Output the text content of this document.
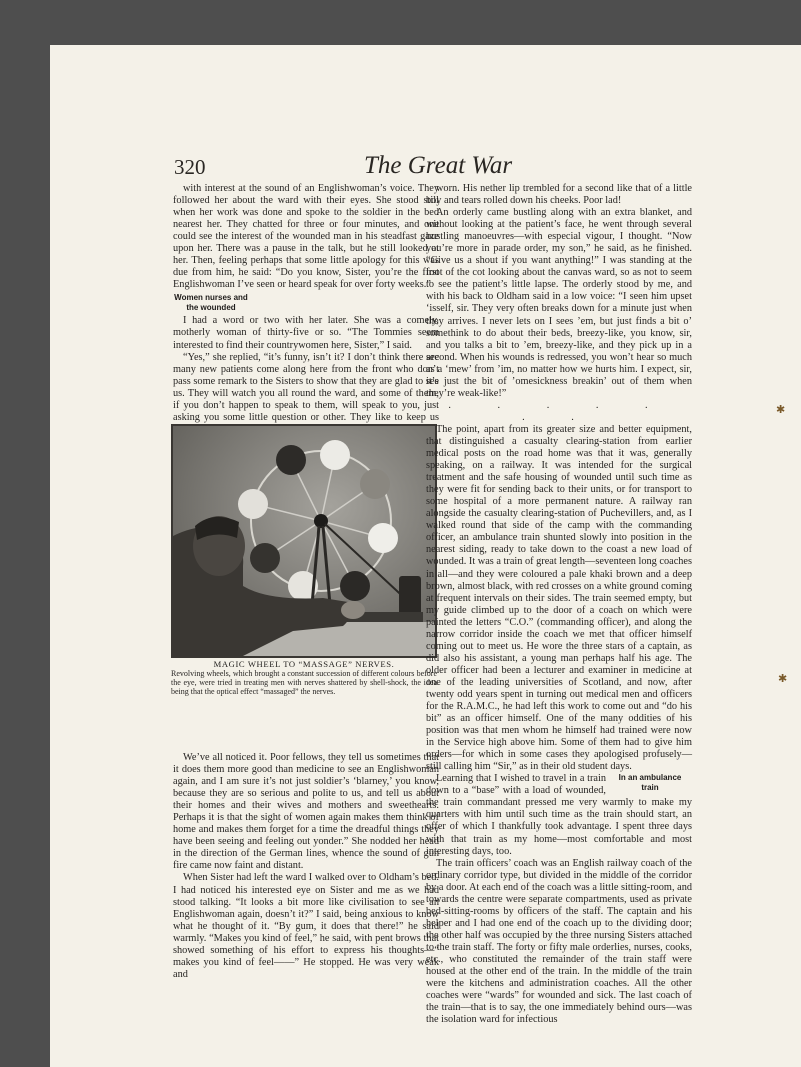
320	The Great War

with interest at the sound of an Englishwoman’s voice. They followed her about the ward with their eyes. She stood still when her work was done and spoke to the soldier in the bed nearest her. They chatted for three or four minutes, and one could see the interest of the wounded man in his steadfast gaze upon her. There was a pause in the talk, but he still looked at her. Then, feeling perhaps that some little apology for this was due from him, he said: “Do you know, Sister, you’re the first Englishwoman I’ve seen or heard speak for over forty weeks.”

Women nurses and the wounded

I had a word or two with her later. She was a comely, motherly woman of thirty-five or so. “The Tommies seem interested to find their countrywomen here, Sister,” I said.

“Yes,” she replied, “it’s funny, isn’t it? I don’t think there are many new patients come along here from the front who don’t pass some remark to the Sisters to show that they are glad to see us. They will watch you all round the ward, and some of them, if you don’t happen to speak to them, will speak to you, just asking you some little question or other. They like to keep us

MAGIC WHEEL TO “MASSAGE” NERVES.
Revolving wheels, which brought a constant succession of different colours before the eye, were tried in treating men with nerves shattered by shell-shock, the idea being that the optical effect “massaged” the nerves.

We’ve all noticed it. Poor fellows, they tell us sometimes that it does them more good than medicine to see an Englishwoman again, and I am sure it’s not just soldier’s ‘blarney,’ you know, because they are so serious and polite to us, and tell us about their homes and their wives and mothers and sweethearts. Perhaps it is that the sight of women again makes them think of home and makes them forget for a time the dreadful things they have been seeing and feeling out yonder.” She nodded her head in the direction of the German lines, whence the sound of gun fire came now faint and distant.

When Sister had left the ward I walked over to Oldham’s bed. I had noticed his interested eye on Sister and me as we had stood talking. “It looks a bit more like civilisation to see an Englishwoman again, doesn’t it?” I said, being anxious to know what he thought of it. “By gum, it does that there!” he said warmly. “Makes you kind of feel,” he said, with pent brows that showed something of his effort to express his thoughts—“ makes you kind of feel——” He stopped. He was very weak and

worn. His nether lip trembled for a second like that of a little boy and tears rolled down his cheeks. Poor lad!

An orderly came bustling along with an extra blanket, and without looking at the patient’s face, he went through several bustling manoeuvres—with especial vigour, I thought. “Now you’re more in parade order, my son,” he said, as he finished. “Give us a shout if you want anything!” I was standing at the foot of the cot looking about the canvas ward, so as not to seem to see the patient’s little lapse. The orderly stood by me, and with his back to Oldham said in a low voice: “I seen him upset ‘isself, sir. They very often breaks down for a minute just when they arrives. I never lets on I sees ’em, but just finds a bit o’ somethink to do about their beds, breezy-like, you know, sir, and you talks a bit to ’em, breezy-like, and they pick up in a second. When his wounds is redressed, you won’t hear so much as a ‘mew’ from ’im, no matter how we hurts him. I expect, sir, it’s just the bit of ’omesickness breakin’ out of them when they’re weak-like!”

. . . . . . .

The point, apart from its greater size and better equipment, that distinguished a casualty clearing-station from earlier medical posts on the road home was that it was, generally speaking, on a railway. It was intended for the surgical treatment and the safe housing of wounded until such time as they were fit for sending back to their units, or for transport to some hospital of a more permanent nature. A railway ran alongside the casualty clearing-station of Puchevillers, and, as I walked round that side of the camp with the commanding officer, an ambulance train shunted slowly into position in the nearest siding, ready to take down to the coast a new load of wounded. It was a train of great length—seventeen long coaches in all—and they were coloured a pale khaki brown and a deep brown, almost black, with red crosses on a white ground coming at frequent intervals on their sides. The train seemed empty, but my guide climbed up to the door of a coach on which were painted the letters “C.O.” (commanding officer), and along the narrow corridor inside the coach we met that officer himself coming out to meet us. He wore the three stars of a captain, as did also his assistant, a young man perhaps half his age. The older officer had been a lecturer and examiner in medicine at one of the leading universities of Scotland, and now, after twenty odd years spent in turning out medical men and officers for the R.A.M.C., he had left this work to come out and “do his bit” as an officer himself. One of the many oddities of his position was that men whom he himself had trained were now in the Service high above him. Some of them had to give him orders—for which in some cases they apologised profusely—still calling him “Sir,” as in their old student days.

In an ambulance train
Learning that I wished to travel in a train down to a “base” with a load of wounded, the train commandant pressed me very warmly to make my quarters with him until such time as the train should start, an offer of which I thankfully took advantage. I spent three days with that train as my home—most comfortable and most interesting days, too.

The train officers’ coach was an English railway coach of the ordinary corridor type, but divided in the middle of the corridor by a door. At each end of the coach was a little sitting-room, and towards the centre were separate compartments, used as private bed-sitting-rooms by officers of the staff. The captain and his helper and I had one end of the coach up to the dividing door; the other half was occupied by the three nursing Sisters attached to the train staff. The forty or fifty male orderlies, nurses, cooks, etc., who constituted the remainder of the train staff were housed at the other end of the train. In the middle of the train were the kitchens and administration coaches. All the other coaches were “wards” for wounded and sick. The last coach of the train—that is to say, the one immediately behind ours—was the isolation ward for infectious

✱
✱
